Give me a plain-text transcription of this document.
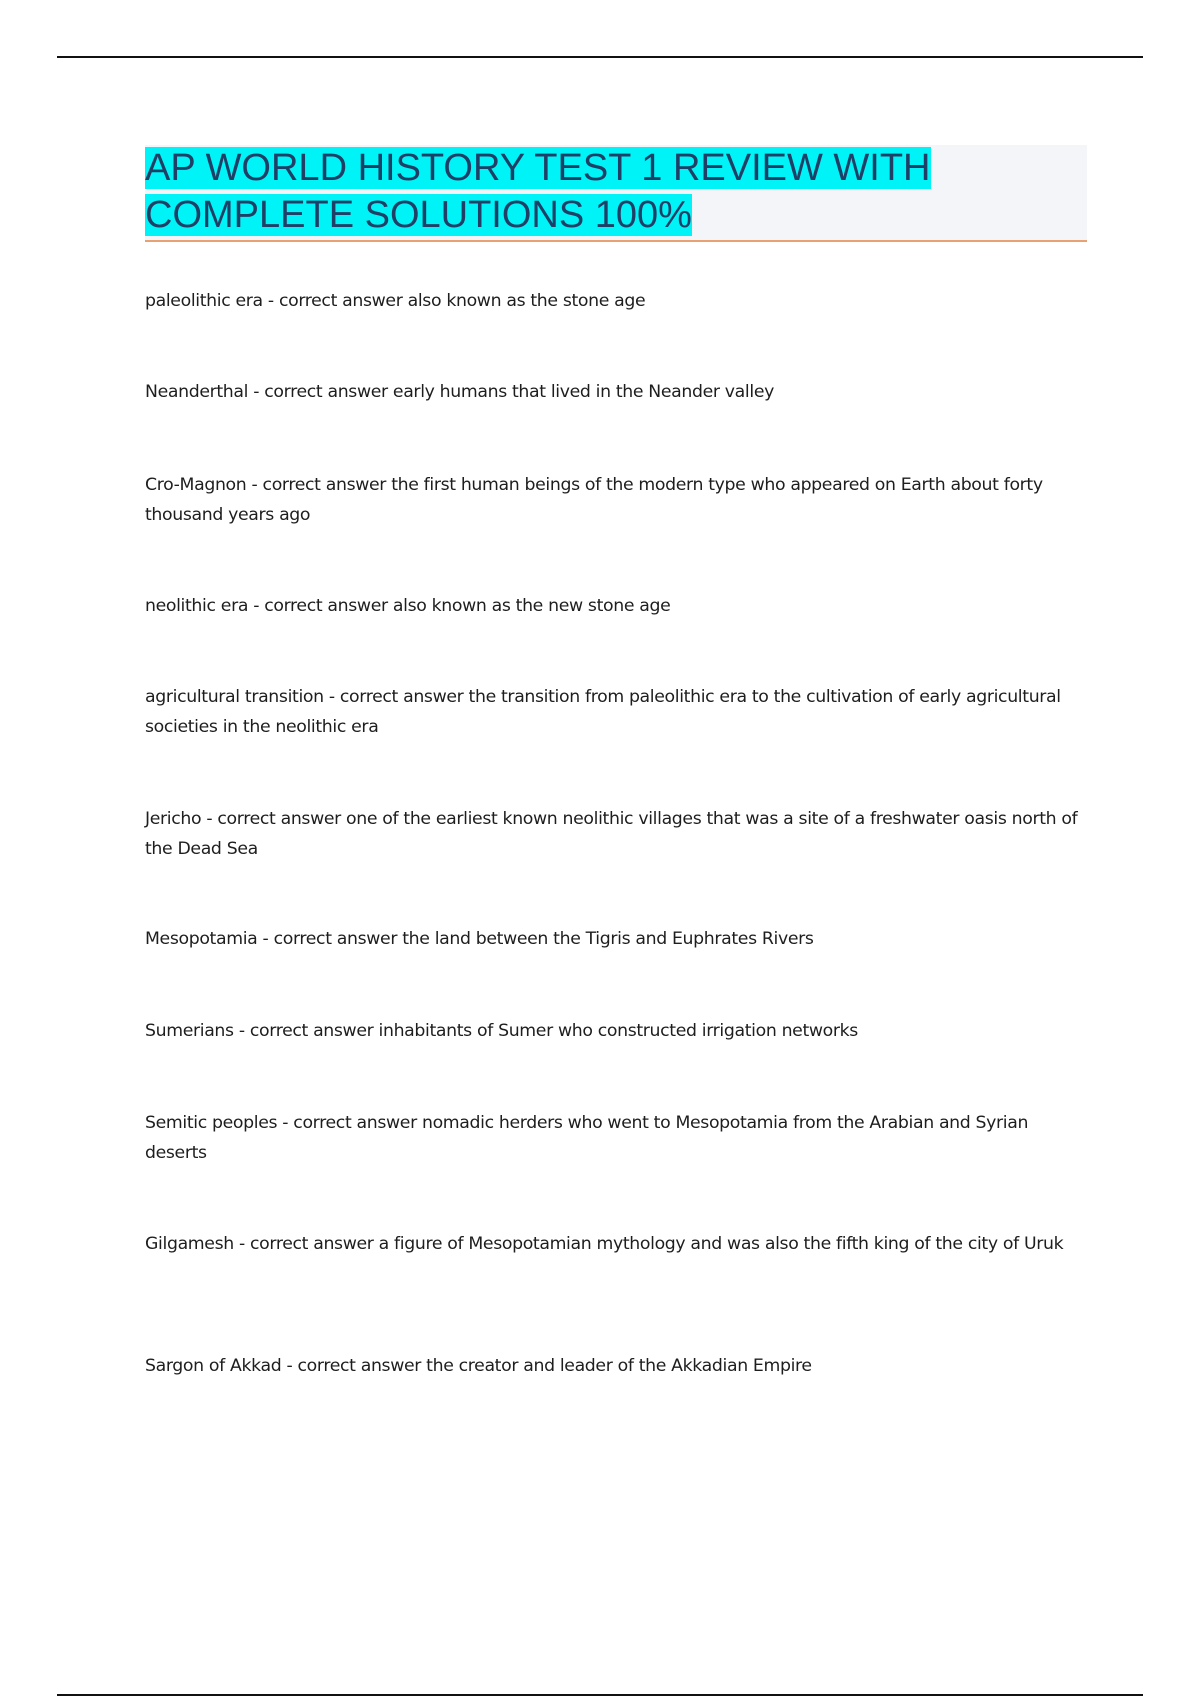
AP WORLD HISTORY TEST 1 REVIEW WITH COMPLETE SOLUTIONS 100%

paleolithic era - correct answer also known as the stone age

Neanderthal - correct answer early humans that lived in the Neander valley

Cro-Magnon - correct answer the first human beings of the modern type who appeared on Earth about forty thousand years ago

neolithic era - correct answer also known as the new stone age

agricultural transition - correct answer the transition from paleolithic era to the cultivation of early agricultural societies in the neolithic era

Jericho - correct answer one of the earliest known neolithic villages that was a site of a freshwater oasis north of the Dead Sea

Mesopotamia - correct answer the land between the Tigris and Euphrates Rivers

Sumerians - correct answer inhabitants of Sumer who constructed irrigation networks

Semitic peoples - correct answer nomadic herders who went to Mesopotamia from the Arabian and Syrian deserts

Gilgamesh - correct answer a figure of Mesopotamian mythology and was also the fifth king of the city of Uruk

Sargon of Akkad - correct answer the creator and leader of the Akkadian Empire
